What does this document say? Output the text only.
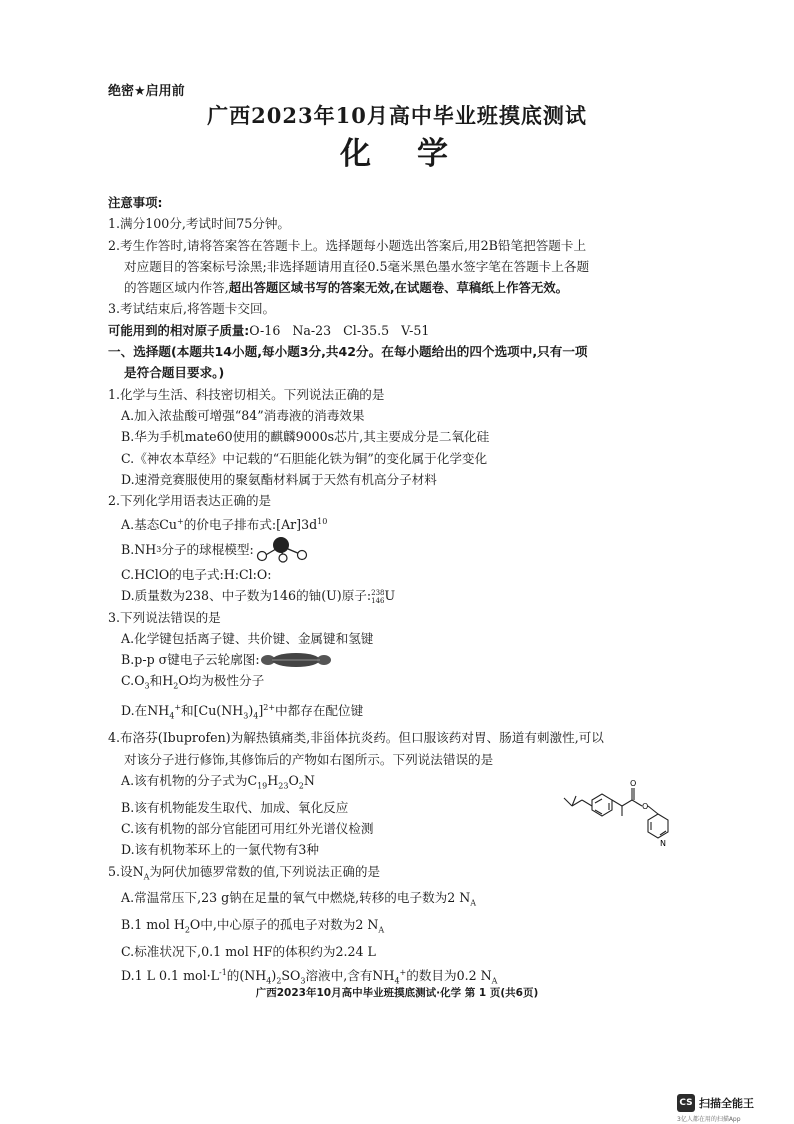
绝密★启用前
广西2023年10月高中毕业班摸底测试
化学
注意事项:
1.满分100分,考试时间75分钟。
2.考生作答时,请将答案答在答题卡上。选择题每小题选出答案后,用2B铅笔把答题卡上
对应题目的答案标号涂黑;非选择题请用直径0.5毫米黑色墨水签字笔在答题卡上各题
的答题区域内作答,超出答题区域书写的答案无效,在试题卷、草稿纸上作答无效。
3.考试结束后,将答题卡交回。
可能用到的相对原子质量:O-16   Na-23   Cl-35.5   V-51
一、选择题(本题共14小题,每小题3分,共42分。在每小题给出的四个选项中,只有一项
是符合题目要求。)
1.化学与生活、科技密切相关。下列说法正确的是
A.加入浓盐酸可增强“84”消毒液的消毒效果
B.华为手机mate60使用的麒麟9000s芯片,其主要成分是二氧化硅
C.《神农本草经》中记载的“石胆能化铁为铜”的变化属于化学变化
D.速滑竞赛服使用的聚氨酯材料属于天然有机高分子材料
2.下列化学用语表达正确的是
A.基态Cu+的价电子排布式$:[Ar]3d^{10}$
B.NH 3 分子的球棍模型:
C.HClO的电子式:H:Cl:O:
D.质量数为238、中子数为146的铀(U)原子: 238
146 U
3.下列说法错误的是
A.化学键包括离子键、共价键、金属键和氢键
B.p-p σ键电子云轮廓图:
$C.O_3$和$H_2O$均为极性分子
D.在$NH_4^+$和$[Cu(NH_3)_4]^{2+}$中都存在配位键
4.布洛芬(Ibuprofen)为解热镇痛类,非甾体抗炎药。但口服该药对胃、肠道有刺激性,可以
对该分子进行修饰,其修饰后的产物如右图所示。下列说法错误的是
A.该有机物的分子式为$C_{19}H_{23}O_2N$
B.该有机物能发生取代、加成、氧化反应
C.该有机物的部分官能团可用红外光谱仪检测
D.该有机物苯环上的一氯代物有3种
5.设$N_A$为阿伏加德罗常数的值,下列说法正确的是
A.常温常压下,23 g钠在足量的氧气中燃烧,转移的电子数为2 $N_A$
B.1 mol $H_2O$中,中心原子的孤电子对数为2 $N_A$
C.标准状况下,0.1 mol HF的体积约为2.24 L
D.1 L 0.1 $mol\cdot L^{-1}$的$(NH_4)_2SO_3$溶液中,含有$NH_4^+$的数目为0.2 $N_A$
O
O
N
广西2023年10月高中毕业班摸底测试·化学 第 1 页(共6页)
CS 扫描全能王
3亿人都在用的扫描App
